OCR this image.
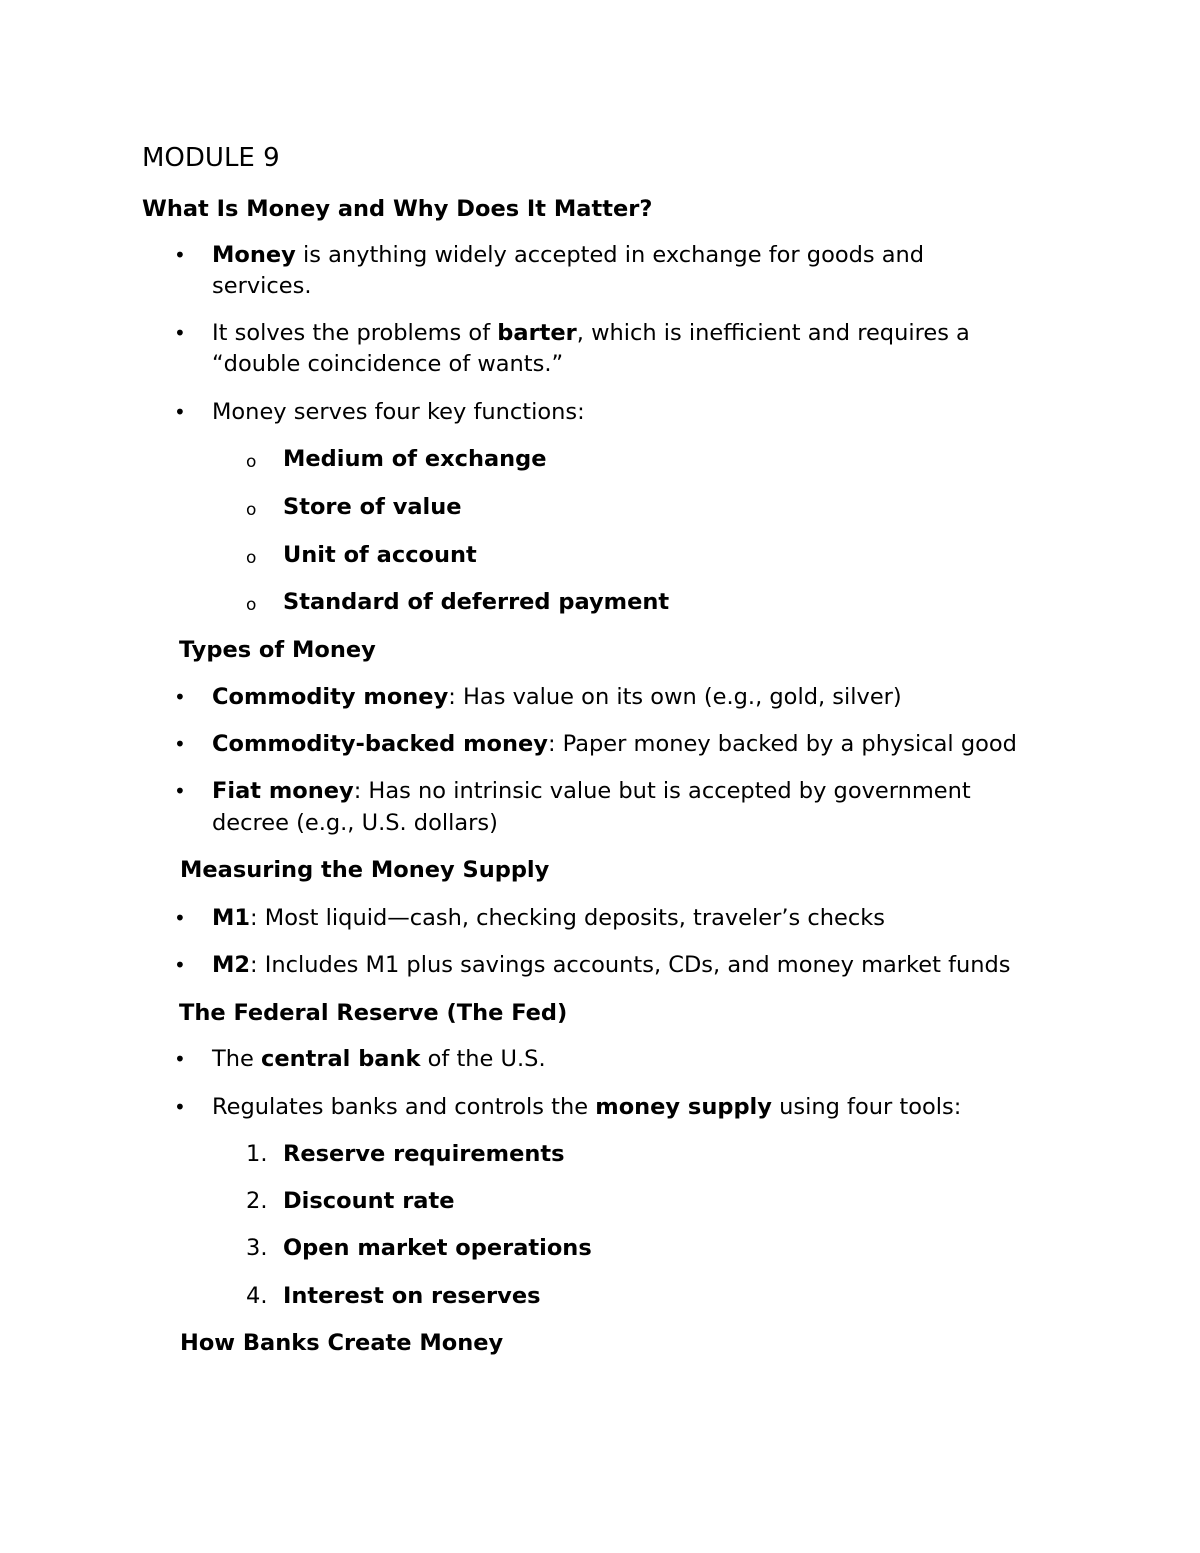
MODULE 9
What Is Money and Why Does It Matter?
• Money is anything widely accepted in exchange for goods and
services.
• It solves the problems of barter, which is inefficient and requires a
“double coincidence of wants.”
• Money serves four key functions:
o Medium of exchange
o Store of value
o Unit of account
o Standard of deferred payment
Types of Money
• Commodity money: Has value on its own (e.g., gold, silver)
• Commodity-backed money: Paper money backed by a physical good
• Fiat money: Has no intrinsic value but is accepted by government
decree (e.g., U.S. dollars)
Measuring the Money Supply
• M1: Most liquid—cash, checking deposits, traveler’s checks
• M2: Includes M1 plus savings accounts, CDs, and money market funds
The Federal Reserve (The Fed)
• The central bank of the U.S.
• Regulates banks and controls the money supply using four tools:
1. Reserve requirements
2. Discount rate
3. Open market operations
4. Interest on reserves
How Banks Create Money
